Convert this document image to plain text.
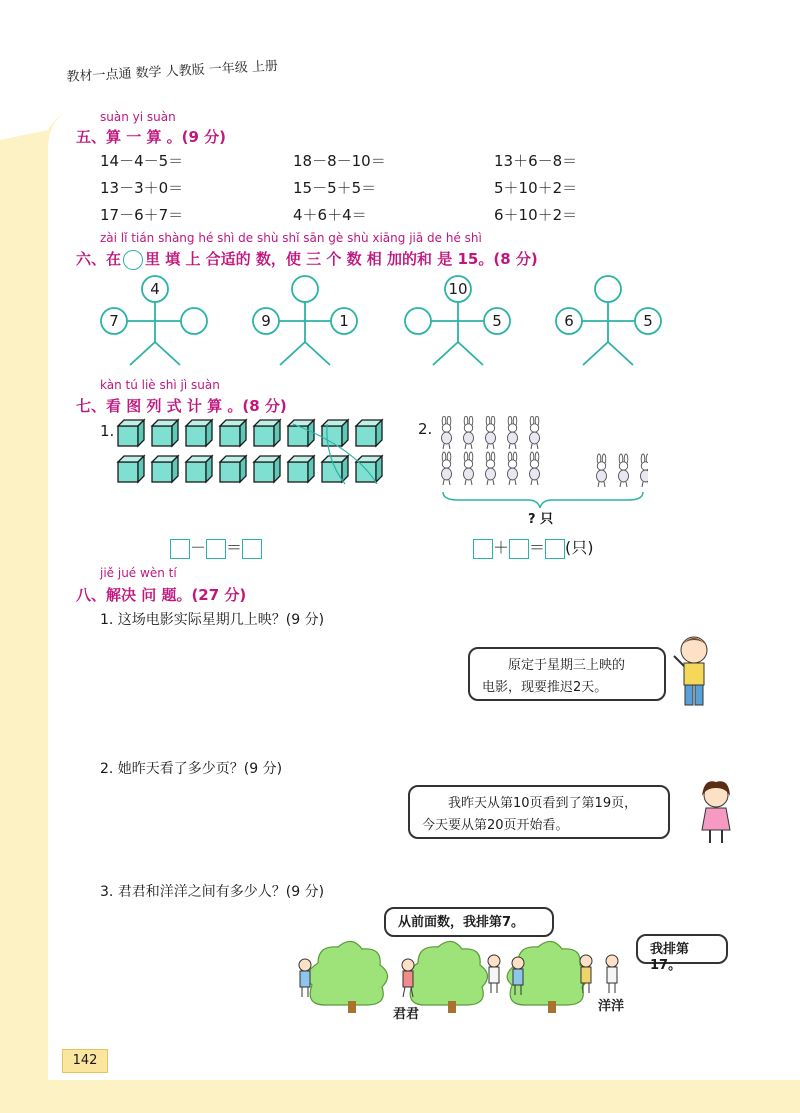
教材一点通 数学 人教版 一年级 上册
suàn yi suàn
五、算 一 算 。(9 分)
14－4－5＝	18－8－10＝	13＋6－8＝
13－3＋0＝	15－5＋5＝	5＋10＋2＝
17－6＋7＝	4＋6＋4＝	6＋10＋2＝
zài lǐ tián shàng hé shì de shù shǐ sān gè shù xiāng jiā de hé shì
六、在 里 填 上 合适的 数，使 三 个 数 相 加的和 是 15。(8 分)
4
7	9	1
10
5	6	5
kàn tú liè shì jì suàn
七、看 图 列 式 计 算 。(8 分)
1.	2.
? 只
－ ＝	＋ ＝ (只)
jiě jué wèn tí
八、解决 问 题。(27 分)
1. 这场电影实际星期几上映？(9 分)
原定于星期三上映的
电影，现要推迟2天。
2. 她昨天看了多少页？(9 分)
我昨天从第10页看到了第19页，
今天要从第20页开始看。
3. 君君和洋洋之间有多少人？(9 分)
从前面数，我排第7。
我排第17。
君君
洋洋
142
